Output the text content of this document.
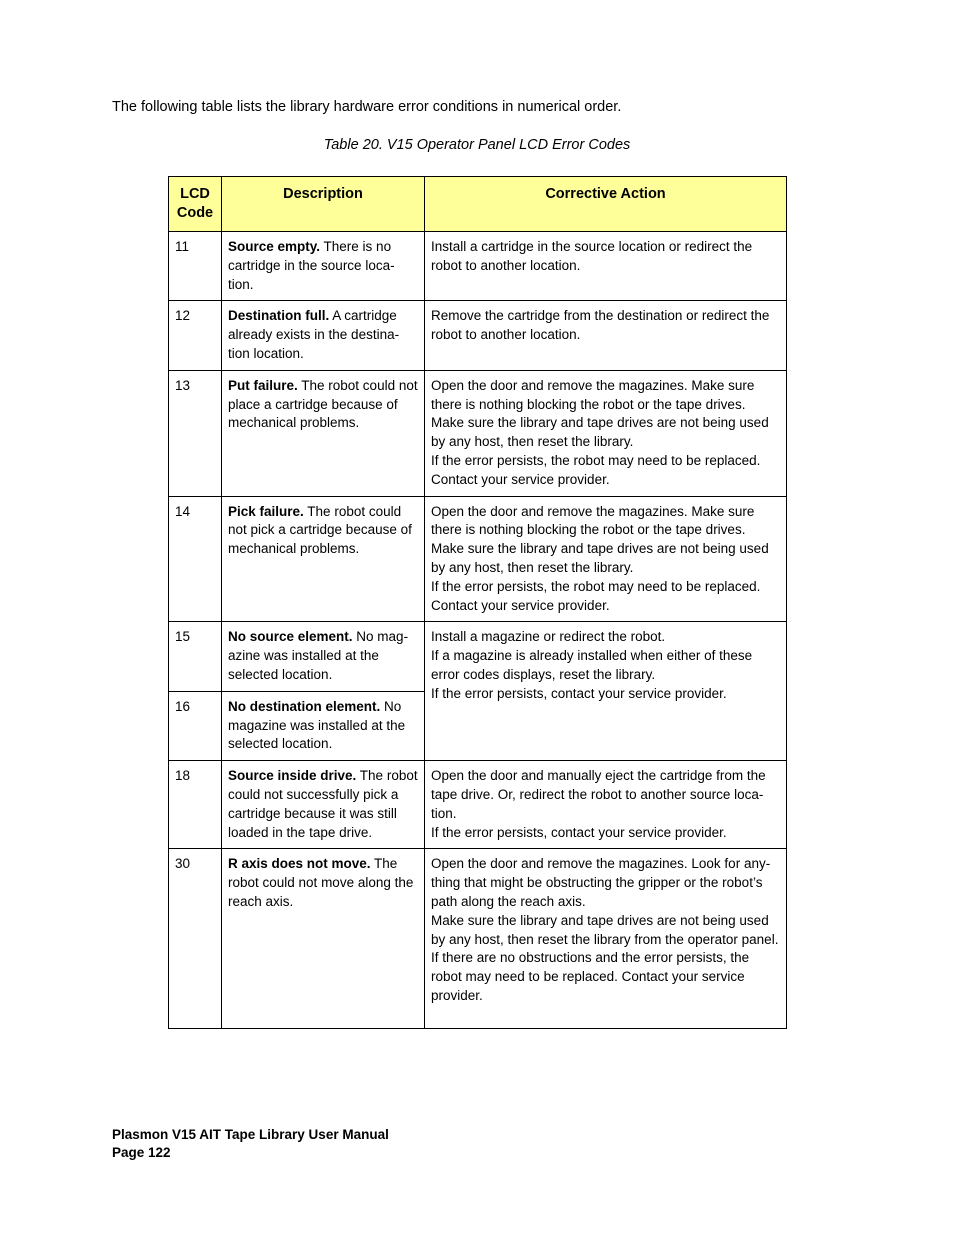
The following table lists the library hardware error conditions in numerical order.
Table 20. V15 Operator Panel LCD Error Codes
LCD Code	Description	Corrective Action
11	Source empty. There is no cartridge in the source loca-tion.	Install a cartridge in the source location or redirect the robot to another location.

12	Destination full. A cartridge already exists in the destina-tion location.	Remove the cartridge from the destination or redirect the robot to another location.

13	Put failure. The robot could not place a cartridge because of mechanical problems.	Open the door and remove the magazines. Make sure there is nothing blocking the robot or the tape drives.
Make sure the library and tape drives are not being used by any host, then reset the library.
If the error persists, the robot may need to be replaced. Contact your service provider.

14	Pick failure. The robot could not pick a cartridge because of mechanical problems.	Open the door and remove the magazines. Make sure there is nothing blocking the robot or the tape drives.
Make sure the library and tape drives are not being used by any host, then reset the library.
If the error persists, the robot may need to be replaced. Contact your service provider.

15	No source element. No mag-azine was installed at the selected location.	Install a magazine or redirect the robot.
If a magazine is already installed when either of these error codes displays, reset the library.
If the error persists, contact your service provider.

16	No destination element. No magazine was installed at the selected location.	
18	Source inside drive. The robot could not successfully pick a cartridge because it was still loaded in the tape drive.	Open the door and manually eject the cartridge from the tape drive. Or, redirect the robot to another source loca-tion.
If the error persists, contact your service provider.

30	R axis does not move. The robot could not move along the reach axis.	Open the door and remove the magazines. Look for any-thing that might be obstructing the gripper or the robot’s path along the reach axis.
Make sure the library and tape drives are not being used by any host, then reset the library from the operator panel.
If there are no obstructions and the error persists, the robot may need to be replaced. Contact your service provider.
Plasmon V15 AIT Tape Library User Manual
Page 122
